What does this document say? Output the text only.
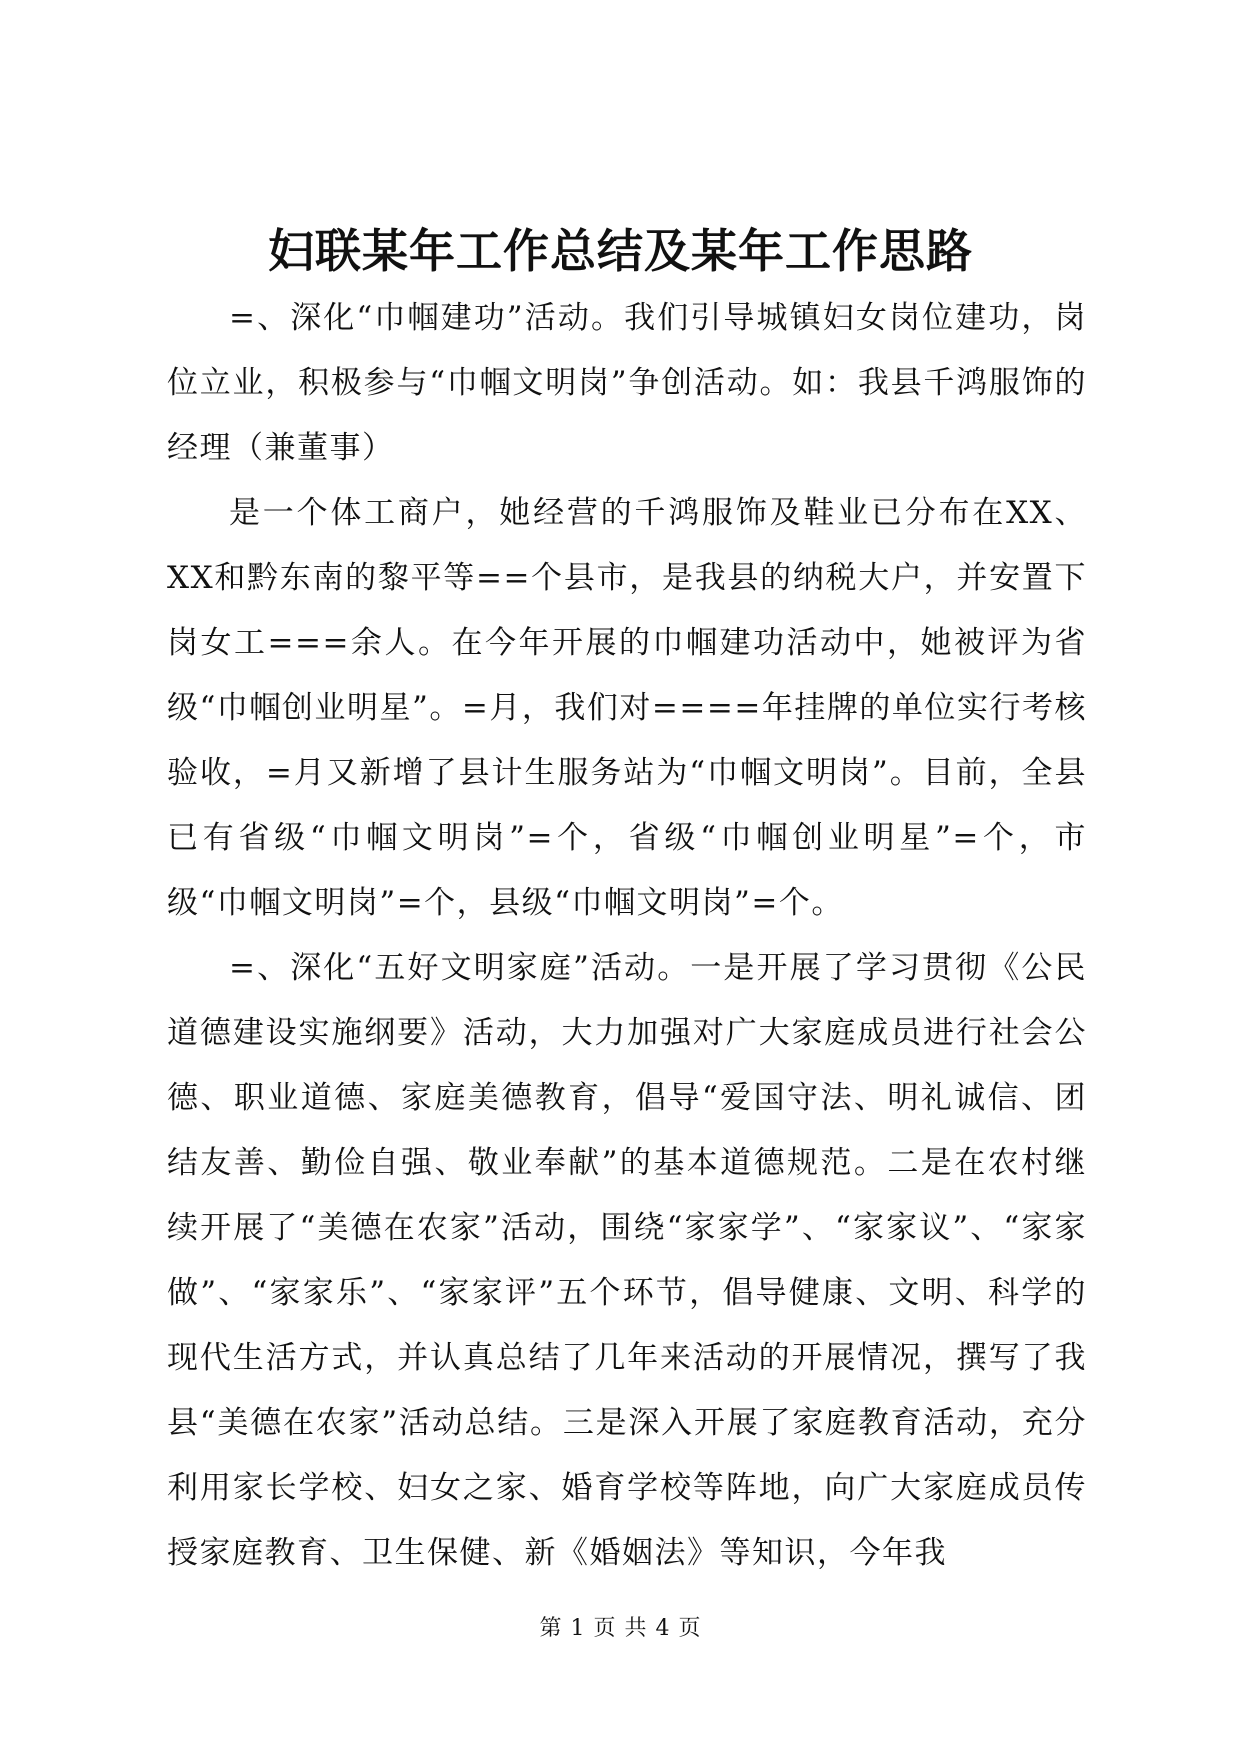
妇联某年工作总结及某年工作思路

=、深化“巾帼建功”活动。我们引导城镇妇女岗位建功，岗位立业，积极参与“巾帼文明岗”争创活动。如：我县千鸿服饰的经理（兼董事）

是一个体工商户，她经营的千鸿服饰及鞋业已分布在XX、XX和黔东南的黎平等==个县市，是我县的纳税大户，并安置下岗女工===余人。在今年开展的巾帼建功活动中，她被评为省级“巾帼创业明星”。=月，我们对====年挂牌的单位实行考核验收，=月又新增了县计生服务站为“巾帼文明岗”。目前，全县已有省级“巾帼文明岗”=个，省级“巾帼创业明星”=个，市级“巾帼文明岗”=个，县级“巾帼文明岗”=个。

=、深化“五好文明家庭”活动。一是开展了学习贯彻《公民道德建设实施纲要》活动，大力加强对广大家庭成员进行社会公德、职业道德、家庭美德教育，倡导“爱国守法、明礼诚信、团结友善、勤俭自强、敬业奉献”的基本道德规范。二是在农村继续开展了“美德在农家”活动，围绕“家家学”、“家家议”、“家家做”、“家家乐”、“家家评”五个环节，倡导健康、文明、科学的现代生活方式，并认真总结了几年来活动的开展情况，撰写了我县“美德在农家”活动总结。三是深入开展了家庭教育活动，充分利用家长学校、妇女之家、婚育学校等阵地，向广大家庭成员传授家庭教育、卫生保健、新《婚姻法》等知识，今年我

第 1 页 共 4 页
